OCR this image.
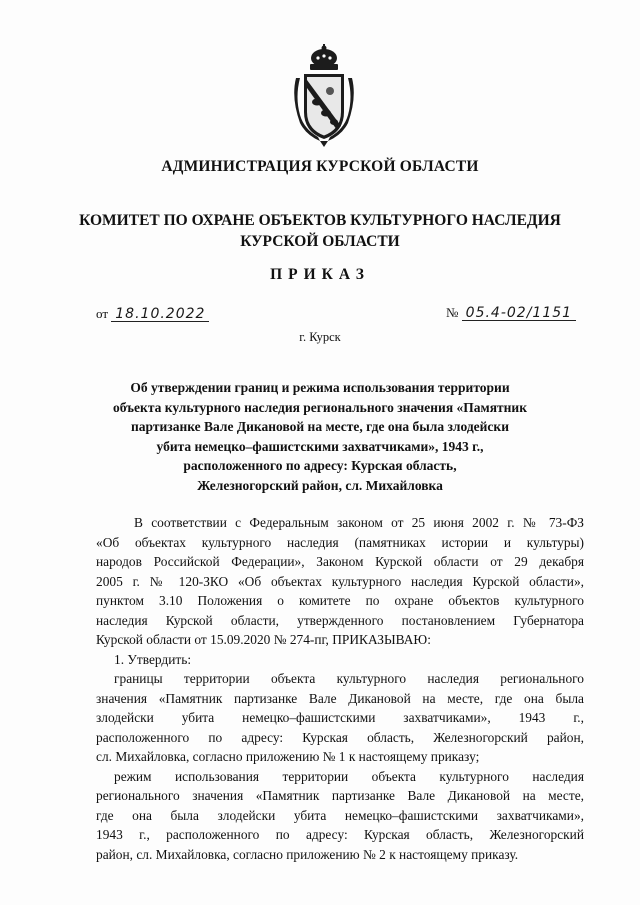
АДМИНИСТРАЦИЯ КУРСКОЙ ОБЛАСТИ
КОМИТЕТ ПО ОХРАНЕ ОБЪЕКТОВ КУЛЬТУРНОГО НАСЛЕДИЯ
КУРСКОЙ ОБЛАСТИ
ПРИКАЗ
от 18.10.2022	№ 05.4-02/1151
г. Курск
Об утверждении границ и режима использования территории
объекта культурного наследия регионального значения «Памятник
партизанке Вале Дикановой на месте, где она была злодейски
убита немецко–фашистскими захватчиками», 1943 г.,
расположенного по адресу: Курская область,
Железногорский район, сл. Михайловка
В соответствии с Федеральным законом от 25 июня 2002 г. № 73-ФЗ
«Об объектах культурного наследия (памятниках истории и культуры)
народов Российской Федерации», Законом Курской области от 29 декабря
2005 г. № 120-ЗКО «Об объектах культурного наследия Курской области»,
пунктом 3.10 Положения о комитете по охране объектов культурного
наследия Курской области, утвержденного постановлением Губернатора
Курской области от 15.09.2020 № 274-пг, ПРИКАЗЫВАЮ:
1. Утвердить:
границы территории объекта культурного наследия регионального
значения «Памятник партизанке Вале Дикановой на месте, где она была
злодейски убита немецко–фашистскими захватчиками», 1943 г.,
расположенного по адресу: Курская область, Железногорский район,
сл. Михайловка, согласно приложению № 1 к настоящему приказу;
режим использования территории объекта культурного наследия
регионального значения «Памятник партизанке Вале Дикановой на месте,
где она была злодейски убита немецко–фашистскими захватчиками»,
1943 г., расположенного по адресу: Курская область, Железногорский
район, сл. Михайловка, согласно приложению № 2 к настоящему приказу.
